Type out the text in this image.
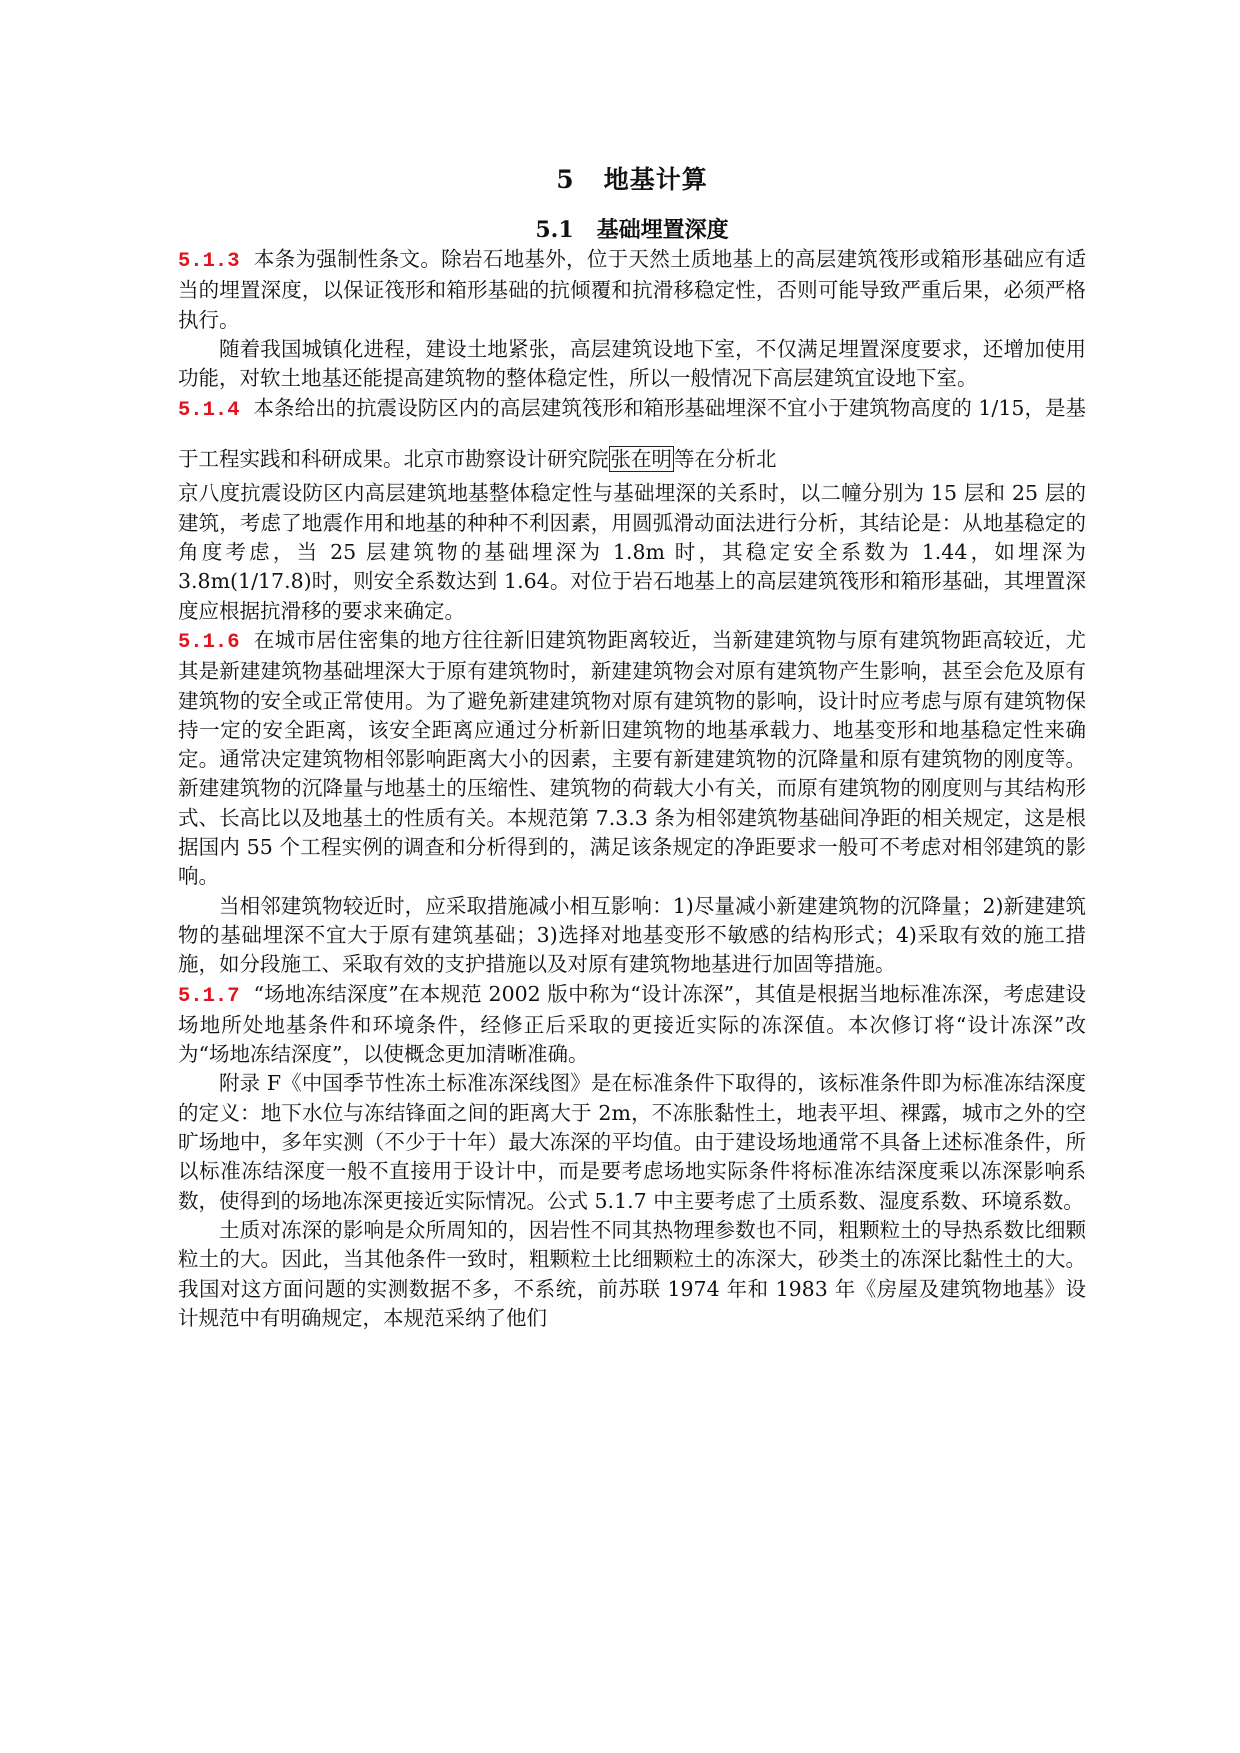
5 地基计算
5.1 基础埋置深度

5.1.3 本条为强制性条文。除岩石地基外，位于天然土质地基上的高层建筑筏形或箱形基础应有适当的埋置深度，以保证筏形和箱形基础的抗倾覆和抗滑移稳定性，否则可能导致严重后果，必须严格执行。

随着我国城镇化进程，建设土地紧张，高层建筑设地下室，不仅满足埋置深度要求，还增加使用功能，对软土地基还能提高建筑物的整体稳定性，所以一般情况下高层建筑宜设地下室。

5.1.4 本条给出的抗震设防区内的高层建筑筏形和箱形基础埋深不宜小于建筑物高度的 1/15，是基于工程实践和科研成果。北京市勘察设计研究院张在明等在分析北

京八度抗震设防区内高层建筑地基整体稳定性与基础埋深的关系时，以二幢分别为 15 层和 25 层的建筑，考虑了地震作用和地基的种种不利因素，用圆弧滑动面法进行分析，其结论是：从地基稳定的角度考虑，当 25 层建筑物的基础埋深为 1.8m 时，其稳定安全系数为 1.44，如埋深为 3.8m(1/17.8)时，则安全系数达到 1.64。对位于岩石地基上的高层建筑筏形和箱形基础，其埋置深度应根据抗滑移的要求来确定。

5.1.6 在城市居住密集的地方往往新旧建筑物距离较近，当新建建筑物与原有建筑物距高较近，尤其是新建建筑物基础埋深大于原有建筑物时，新建建筑物会对原有建筑物产生影响，甚至会危及原有建筑物的安全或正常使用。为了避免新建建筑物对原有建筑物的影响，设计时应考虑与原有建筑物保持一定的安全距离，该安全距离应通过分析新旧建筑物的地基承载力、地基变形和地基稳定性来确定。通常决定建筑物相邻影响距离大小的因素，主要有新建建筑物的沉降量和原有建筑物的刚度等。新建建筑物的沉降量与地基土的压缩性、建筑物的荷载大小有关，而原有建筑物的刚度则与其结构形式、长高比以及地基土的性质有关。本规范第 7.3.3 条为相邻建筑物基础间净距的相关规定，这是根据国内 55 个工程实例的调查和分析得到的，满足该条规定的净距要求一般可不考虑对相邻建筑的影响。

当相邻建筑物较近时，应采取措施减小相互影响：1)尽量减小新建建筑物的沉降量；2)新建建筑物的基础埋深不宜大于原有建筑基础；3)选择对地基变形不敏感的结构形式；4)采取有效的施工措施，如分段施工、采取有效的支护措施以及对原有建筑物地基进行加固等措施。

5.1.7 “场地冻结深度”在本规范 2002 版中称为“设计冻深”，其值是根据当地标准冻深，考虑建设场地所处地基条件和环境条件，经修正后采取的更接近实际的冻深值。本次修订将“设计冻深”改为“场地冻结深度”，以使概念更加清晰准确。

附录 F《中国季节性冻土标准冻深线图》是在标准条件下取得的，该标准条件即为标准冻结深度的定义：地下水位与冻结锋面之间的距离大于 2m，不冻胀黏性土，地表平坦、裸露，城市之外的空旷场地中，多年实测（不少于十年）最大冻深的平均值。由于建设场地通常不具备上述标准条件，所以标准冻结深度一般不直接用于设计中，而是要考虑场地实际条件将标准冻结深度乘以冻深影响系数，使得到的场地冻深更接近实际情况。公式 5.1.7 中主要考虑了土质系数、湿度系数、环境系数。

土质对冻深的影响是众所周知的，因岩性不同其热物理参数也不同，粗颗粒土的导热系数比细颗粒土的大。因此，当其他条件一致时，粗颗粒土比细颗粒土的冻深大，砂类土的冻深比黏性土的大。我国对这方面问题的实测数据不多，不系统，前苏联 1974 年和 1983 年《房屋及建筑物地基》设计规范中有明确规定，本规范采纳了他们
